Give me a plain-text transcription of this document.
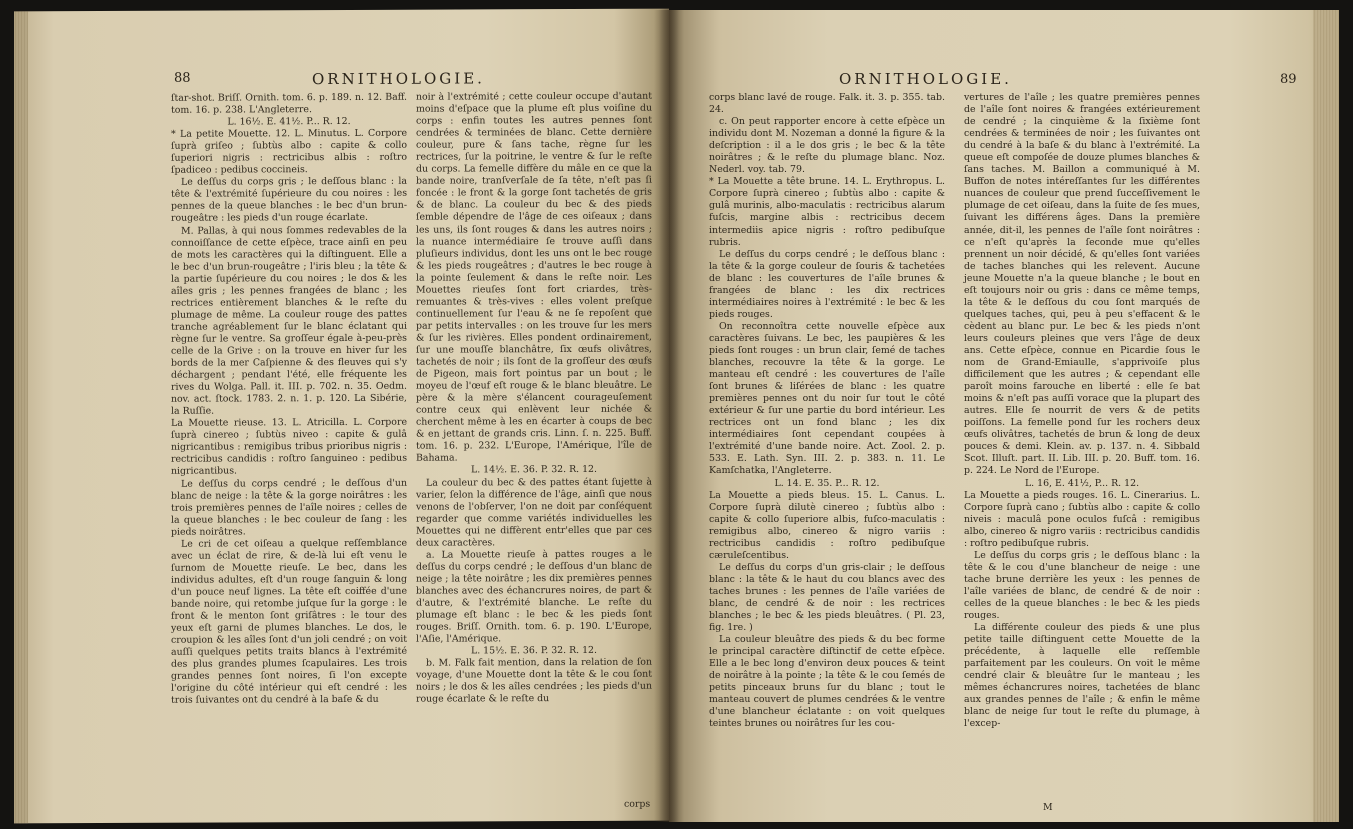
88	ORNITHOLOGIE.

ſtar-shot. Briſſ. Ornith. tom. 6. p. 189. n. 12. Baff. tom. 16. p. 238. L'Angleterre.

L. 16½. E. 41½. P... R. 12.

* La petite Mouette. 12. L. Minutus. L. Corpore ſuprà griſeo ; ſubtùs albo : capite & collo ſuperiori nigris : rectricibus albis : roſtro ſpadiceo : pedibus coccineis.

Le deſſus du corps gris ; le deſſous blanc : la tête & l'extrémité ſupérieure du cou noires : les pennes de la queue blanches : le bec d'un brun-rougeâtre : les pieds d'un rouge écarlate.

M. Pallas, à qui nous ſommes redevables de la connoiſſance de cette eſpèce, trace ainſi en peu de mots les caractères qui la diſtinguent. Elle a le bec d'un brun-rougeâtre ; l'iris bleu ; la tête & la partie ſupérieure du cou noires ; le dos & les aîles gris ; les pennes frangées de blanc ; les rectrices entièrement blanches & le reſte du plumage de même. La couleur rouge des pattes tranche agréablement ſur le blanc éclatant qui règne ſur le ventre. Sa groſſeur égale à-peu-près celle de la Grive : on la trouve en hiver ſur les bords de la mer Caſpienne & des fleuves qui s'y déchargent ; pendant l'été, elle fréquente les rives du Wolga. Pall. it. III. p. 702. n. 35. Oedm. nov. act. ſtock. 1783. 2. n. 1. p. 120. La Sibérie, la Ruſſie.

La Mouette rieuse. 13. L. Atricilla. L. Corpore ſuprà cinereo ; ſubtùs niveo : capite & gulâ nigricantibus : remigibus tribus prioribus nigris : rectricibus candidis : roſtro ſanguineo : pedibus nigricantibus.

Le deſſus du corps cendré ; le deſſous d'un blanc de neige : la tête & la gorge noirâtres : les trois premières pennes de l'aîle noires ; celles de la queue blanches : le bec couleur de ſang : les pieds noirâtres.

Le cri de cet oiſeau a quelque reſſemblance avec un éclat de rire, & de-là lui eſt venu le ſurnom de Mouette rieuſe. Le bec, dans les individus adultes, eſt d'un rouge ſanguin & long d'un pouce neuf lignes. La tête eſt coiffée d'une bande noire, qui retombe juſque ſur la gorge : le front & le menton ſont griſâtres : le tour des yeux eſt garni de plumes blanches. Le dos, le croupion & les aîles ſont d'un joli cendré ; on voit auſſi quelques petits traits blancs à l'extrémité des plus grandes plumes ſcapulaires. Les trois grandes pennes ſont noires, ſi l'on excepte l'origine du côté intérieur qui eſt cendré : les trois ſuivantes ont du cendré à la baſe & du

noir à l'extrémité ; cette couleur occupe d'autant moins d'eſpace que la plume eſt plus voiſine du corps : enfin toutes les autres pennes ſont cendrées & terminées de blanc. Cette dernière couleur, pure & ſans tache, règne ſur les rectrices, ſur la poitrine, le ventre & ſur le reſte du corps. La femelle diffère du mâle en ce que la bande noire, tranſverſale de ſa tête, n'eſt pas ſi foncée : le front & la gorge ſont tachetés de gris & de blanc. La couleur du bec & des pieds ſemble dépendre de l'âge de ces oiſeaux ; dans les uns, ils ſont rouges & dans les autres noirs ; la nuance intermédiaire ſe trouve auſſi dans pluſieurs individus, dont les uns ont le bec rouge & les pieds rougeâtres ; d'autres le bec rouge à la pointe ſeulement & dans le reſte noir. Les Mouettes rieuſes ſont fort criardes, très-remuantes & très-vives : elles volent preſque continuellement ſur l'eau & ne ſe repoſent que par petits intervalles : on les trouve ſur les mers & ſur les rivières. Elles pondent ordinairement, ſur une mouſſe blanchâtre, ſix œufs olivâtres, tachetés de noir ; ils ſont de la groſſeur des œufs de Pigeon, mais fort pointus par un bout ; le moyeu de l'œuf eſt rouge & le blanc bleuâtre. Le père & la mère s'élancent courageuſement contre ceux qui enlèvent leur nichée & cherchent même à les en écarter à coups de bec & en jettant de grands cris. Linn. ſ. n. 225. Buff. tom. 16. p. 232. L'Europe, l'Amérique, l'île de Bahama.

L. 14½. E. 36. P. 32. R. 12.

La couleur du bec & des pattes étant ſujette à varier, ſelon la différence de l'âge, ainſi que nous venons de l'obſerver, l'on ne doit par conſéquent regarder que comme variétés individuelles les Mouettes qui ne diffèrent entr'elles que par ces deux caractères.

a. La Mouette rieuſe à pattes rouges a le deſſus du corps cendré ; le deſſous d'un blanc de neige ; la tête noirâtre ; les dix premières pennes blanches avec des échancrures noires, de part & d'autre, & l'extrémité blanche. Le reſte du plumage eſt blanc : le bec & les pieds ſont rouges. Briſſ. Ornith. tom. 6. p. 190. L'Europe, l'Aſie, l'Amérique.

L. 15½. E. 36. P. 32. R. 12.

b. M. Falk fait mention, dans la relation de ſon voyage, d'une Mouette dont la tête & le cou ſont noirs ; le dos & les aîles cendrées ; les pieds d'un rouge écarlate & le reſte du

corps
ORNITHOLOGIE.	89

corps blanc lavé de rouge. Falk. it. 3. p. 355. tab. 24.

c. On peut rapporter encore à cette eſpèce un individu dont M. Nozeman a donné la figure & la deſcription : il a le dos gris ; le bec & la tête noirâtres ; & le reſte du plumage blanc. Noz. Nederl. voy. tab. 79.

* La Mouette a tête brune. 14. L. Erythropus. L. Corpore ſuprà cinereo ; ſubtùs albo : capite & gulâ murinis, albo-maculatis : rectricibus alarum fuſcis, margine albis : rectricibus decem intermediis apice nigris : roſtro pedibuſque rubris.

Le deſſus du corps cendré ; le deſſous blanc : la tête & la gorge couleur de ſouris & tachetées de blanc : les couvertures de l'aîle brunes & frangées de blanc : les dix rectrices intermédiaires noires à l'extrémité : le bec & les pieds rouges.

On reconnoîtra cette nouvelle eſpèce aux caractères ſuivans. Le bec, les paupières & les pieds ſont rouges : un brun clair, ſemé de taches blanches, recouvre la tête & la gorge. Le manteau eſt cendré : les couvertures de l'aîle ſont brunes & liſérées de blanc : les quatre premières pennes ont du noir ſur tout le côté extérieur & ſur une partie du bord intérieur. Les rectrices ont un fond blanc ; les dix intermédiaires ſont cependant coupées à l'extrémité d'une bande noire. Act. Zool. 2. p. 533. E. Lath. Syn. III. 2. p. 383. n. 11. Le Kamſchatka, l'Angleterre.

L. 14. E. 35. P... R. 12.

La Mouette a pieds bleus. 15. L. Canus. L. Corpore ſuprà dilutè cinereo ; ſubtùs albo : capite & collo ſuperiore albis, fuſco-maculatis : remigibus albo, cinereo & nigro variis : rectricibus candidis : roſtro pedibuſque cæruleſcentibus.

Le deſſus du corps d'un gris-clair ; le deſſous blanc : la tête & le haut du cou blancs avec des taches brunes : les pennes de l'aîle variées de blanc, de cendré & de noir : les rectrices blanches ; le bec & les pieds bleuâtres. ( Pl. 23, fig. 1re. )

La couleur bleuâtre des pieds & du bec forme le principal caractère diſtinctif de cette eſpèce. Elle a le bec long d'environ deux pouces & teint de noirâtre à la pointe ; la tête & le cou ſemés de petits pinceaux bruns ſur du blanc ; tout le manteau couvert de plumes cendrées & le ventre d'une blancheur éclatante : on voit quelques teintes brunes ou noirâtres ſur les cou-

vertures de l'aîle ; les quatre premières pennes de l'aîle ſont noires & frangées extérieurement de cendré ; la cinquième & la ſixième ſont cendrées & terminées de noir ; les ſuivantes ont du cendré à la baſe & du blanc à l'extrémité. La queue eſt compoſée de douze plumes blanches & ſans taches. M. Baillon a communiqué à M. Buffon de notes intéreſſantes ſur les différentes nuances de couleur que prend ſucceſſivement le plumage de cet oiſeau, dans la ſuite de ſes mues, ſuivant les différens âges. Dans la première année, dit-il, les pennes de l'aîle ſont noirâtres : ce n'eſt qu'après la ſeconde mue qu'elles prennent un noir décidé, & qu'elles ſont variées de taches blanches qui les relevent. Aucune jeune Mouette n'a la queue blanche ; le bout en eſt toujours noir ou gris : dans ce même temps, la tête & le deſſous du cou ſont marqués de quelques taches, qui, peu à peu s'effacent & le cèdent au blanc pur. Le bec & les pieds n'ont leurs couleurs pleines que vers l'âge de deux ans. Cette eſpèce, connue en Picardie ſous le nom de Grand-Emiaulle, s'apprivoiſe plus difficilement que les autres ; & cependant elle paroît moins farouche en liberté : elle ſe bat moins & n'eſt pas auſſi vorace que la plupart des autres. Elle ſe nourrit de vers & de petits poiſſons. La femelle pond ſur les rochers deux œufs olivâtres, tachetés de brun & long de deux pouces & demi. Klein. av. p. 137. n. 4. Sibbald Scot. Illuſt. part. II. Lib. III. p. 20. Buff. tom. 16. p. 224. Le Nord de l'Europe.

L. 16, E. 41½, P... R. 12.

La Mouette a pieds rouges. 16. L. Cinerarius. L. Corpore ſuprà cano ; ſubtùs albo : capite & collo niveis : maculâ pone oculos fuſcâ : remigibus albo, cinereo & nigro variis : rectricibus candidis : roſtro pedibuſque rubris.

Le deſſus du corps gris ; le deſſous blanc : la tête & le cou d'une blancheur de neige : une tache brune derrière les yeux : les pennes de l'aîle variées de blanc, de cendré & de noir : celles de la queue blanches : le bec & les pieds rouges.

La différente couleur des pieds & une plus petite taille diſtinguent cette Mouette de la précédente, à laquelle elle reſſemble parfaitement par les couleurs. On voit le même cendré clair & bleuâtre ſur le manteau ; les mêmes échancrures noires, tachetées de blanc aux grandes pennes de l'aîle ; & enfin le même blanc de neige ſur tout le reſte du plumage, à l'excep-

M
